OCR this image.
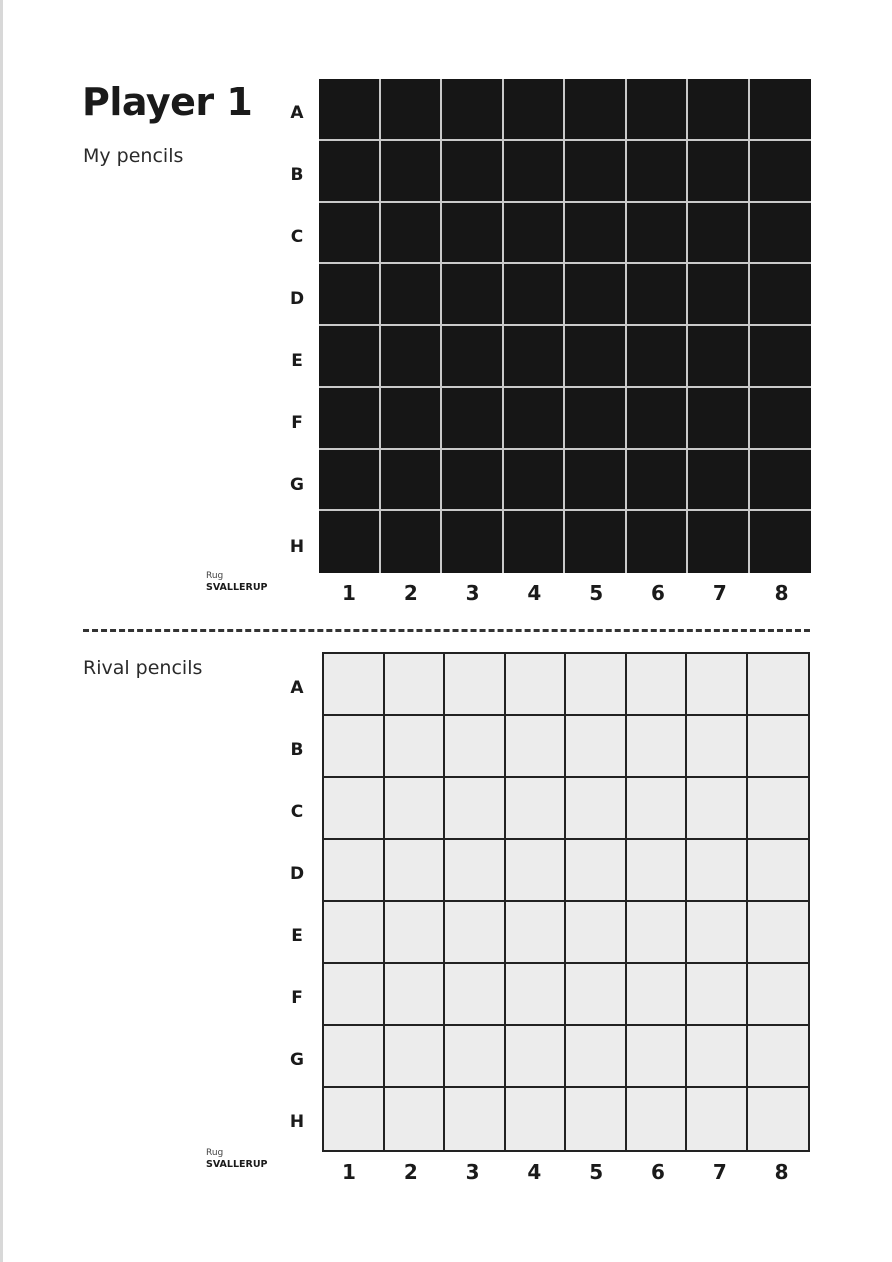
Player 1
My pencils
A
B
C
D
E
F
G
H
1	2	3	4	5	6	7	8
Rug
SVALLERUP
Rival pencils
A
B
C
D
E
F
G
H
1	2	3	4	5	6	7	8
Rug
SVALLERUP
